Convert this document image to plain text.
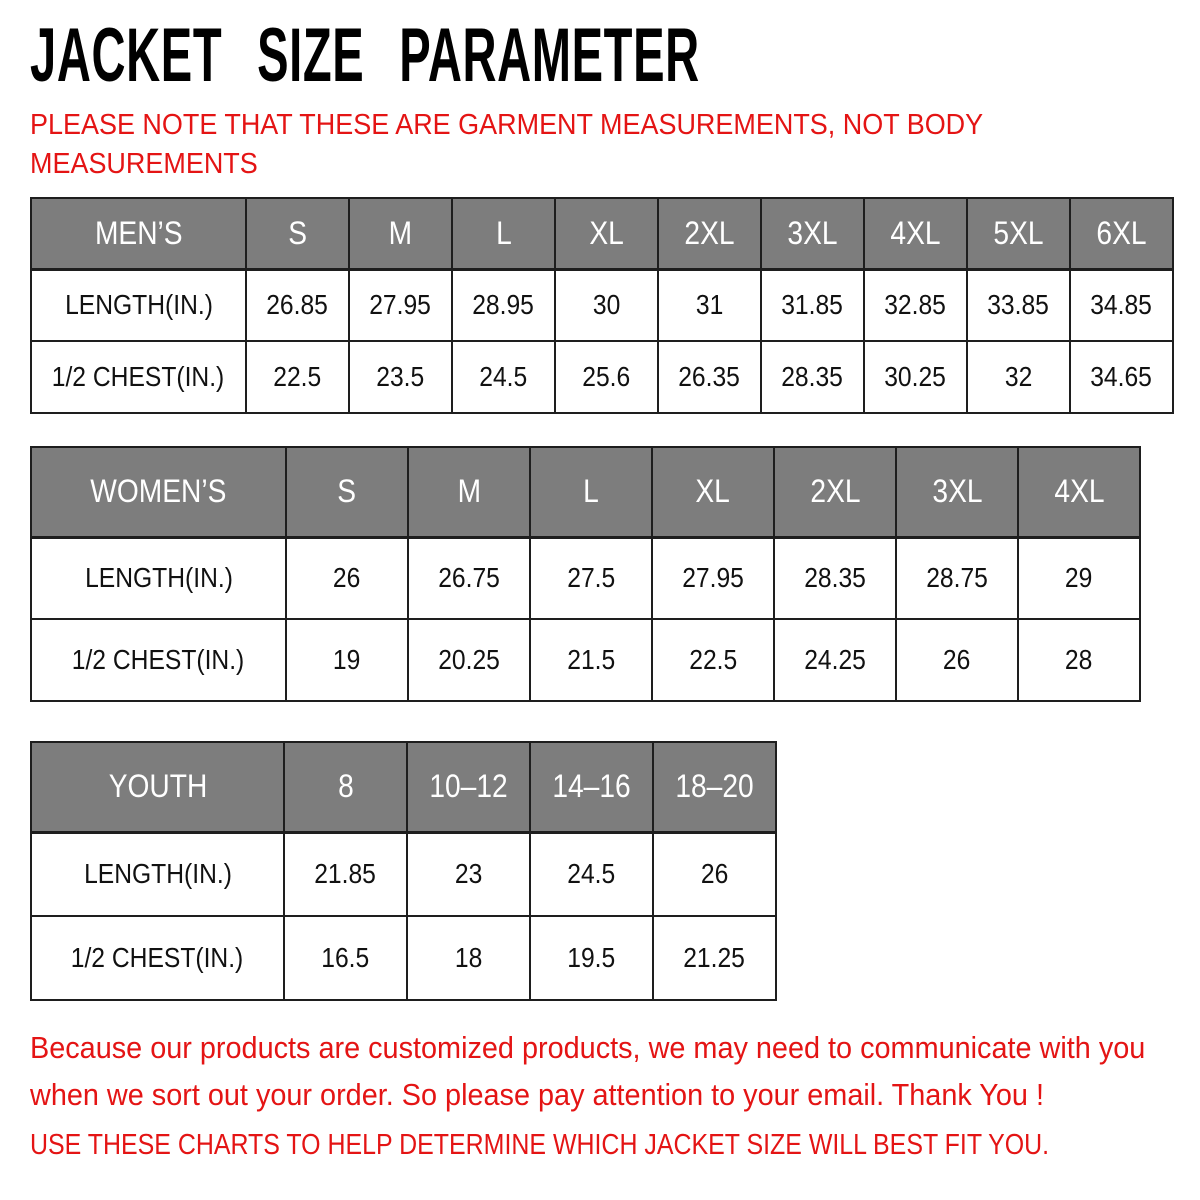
JACKET SIZE PARAMETER
PLEASE NOTE THAT THESE ARE GARMENT MEASUREMENTS, NOT BODY
MEASUREMENTS
MEN’S	S	M	L	XL	2XL	3XL	4XL	5XL	6XL
LENGTH(IN.)	26.85	27.95	28.95	30	31	31.85	32.85	33.85	34.85
1/2 CHEST(IN.)	22.5	23.5	24.5	25.6	26.35	28.35	30.25	32	34.65
WOMEN’S	S	M	L	XL	2XL	3XL	4XL
LENGTH(IN.)	26	26.75	27.5	27.95	28.35	28.75	29
1/2 CHEST(IN.)	19	20.25	21.5	22.5	24.25	26	28
YOUTH	8	10–12	14–16	18–20
LENGTH(IN.)	21.85	23	24.5	26
1/2 CHEST(IN.)	16.5	18	19.5	21.25
Because our products are customized products, we may need to communicate with you
when we sort out your order. So please pay attention to your email. Thank You !
USE THESE CHARTS TO HELP DETERMINE WHICH JACKET SIZE WILL BEST FIT YOU.
